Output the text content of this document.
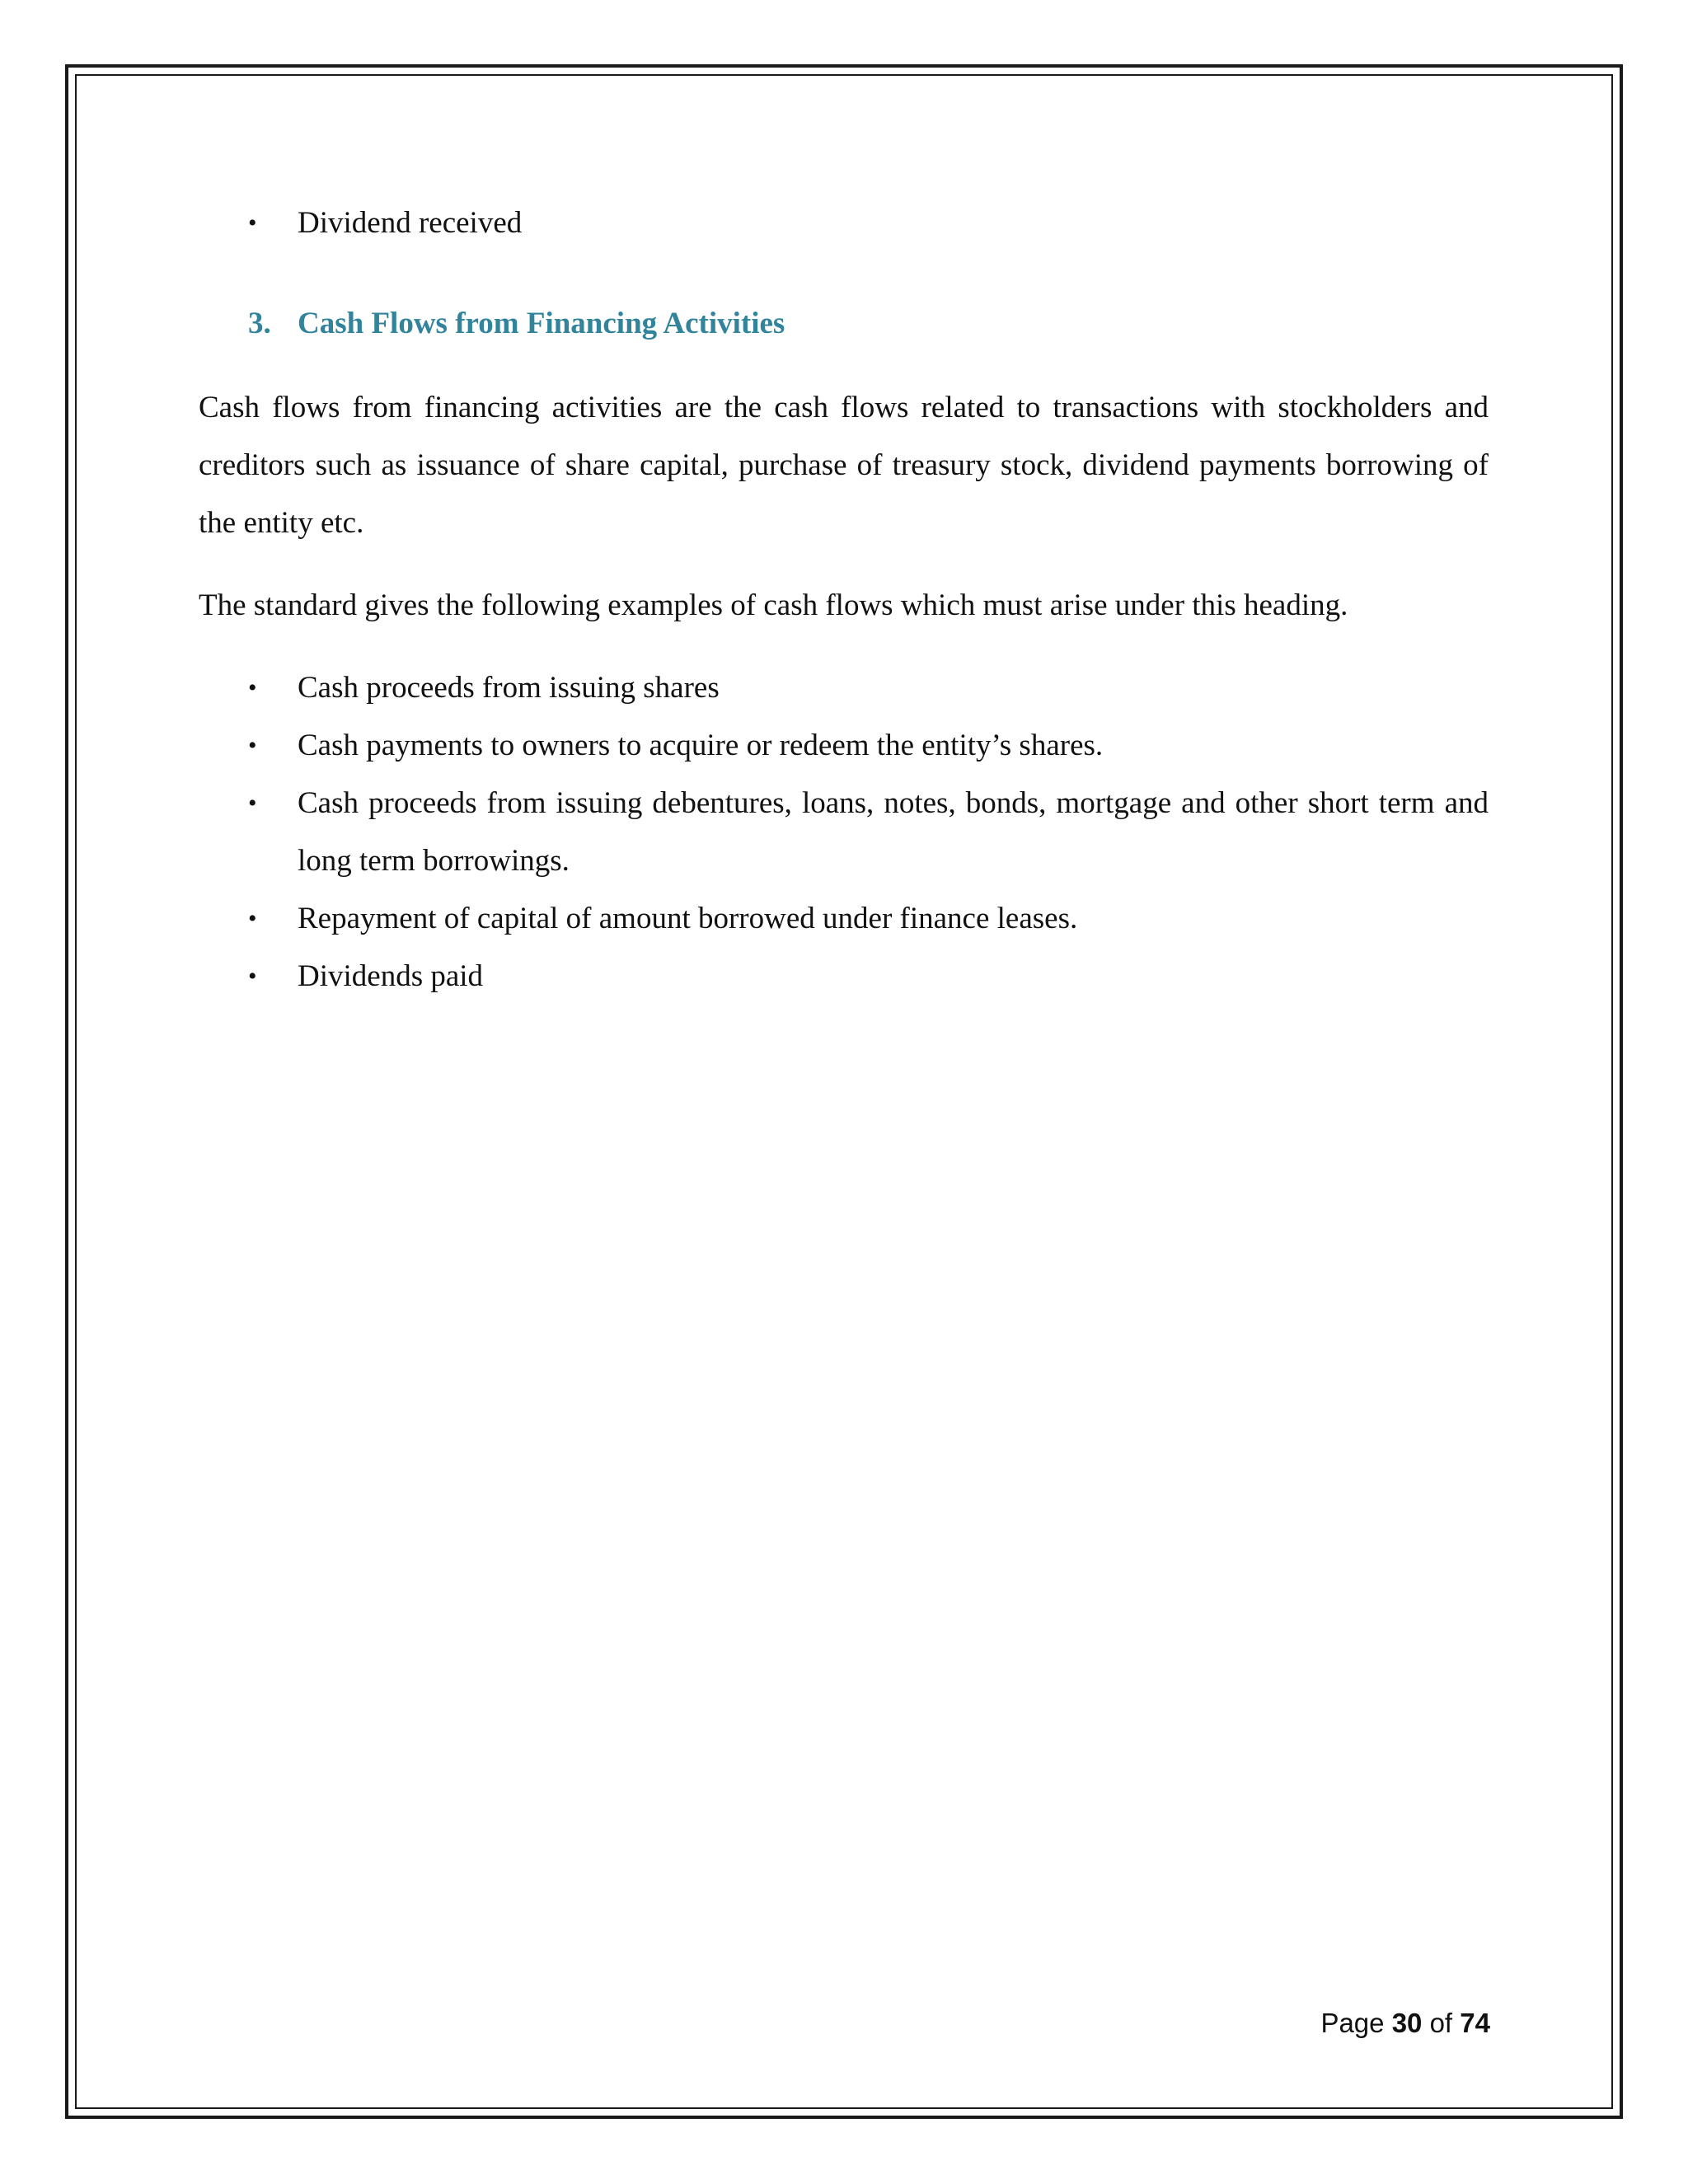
• Dividend received
3. Cash Flows from Financing Activities

Cash flows from financing activities are the cash flows related to transactions with stockholders and creditors such as issuance of share capital, purchase of treasury stock, dividend payments borrowing of the entity etc.

The standard gives the following examples of cash flows which must arise under this heading.

• Cash proceeds from issuing shares
• Cash payments to owners to acquire or redeem the entity’s shares.
• Cash proceeds from issuing debentures, loans, notes, bonds, mortgage and other short term and long term borrowings.
• Repayment of capital of amount borrowed under finance leases.
• Dividends paid
Page 30 of 74
